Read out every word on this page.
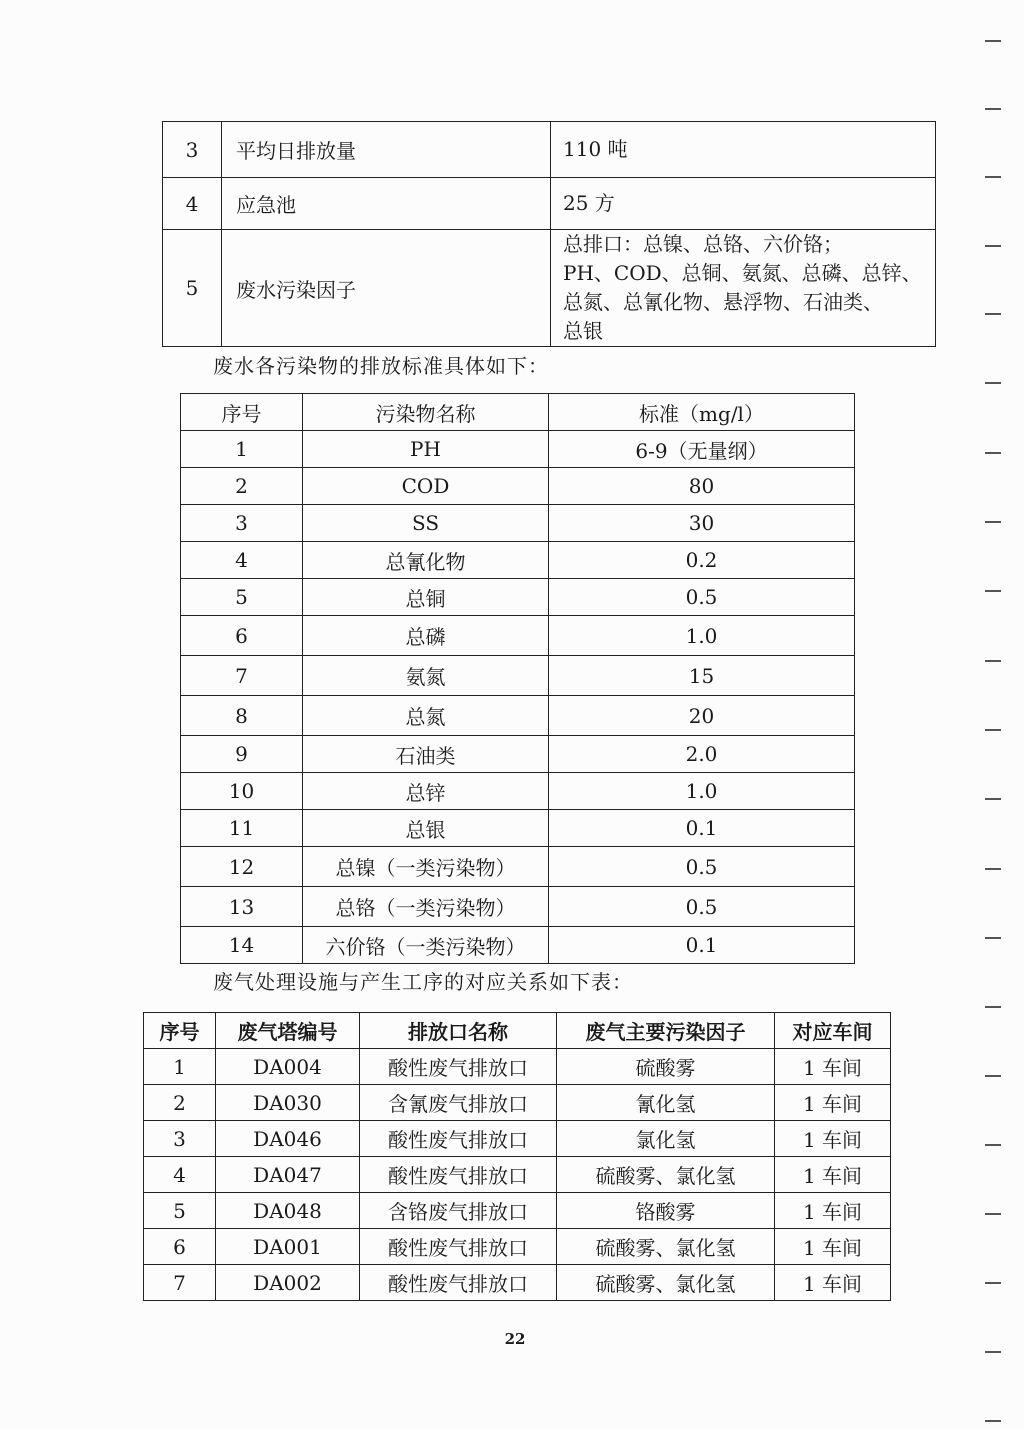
3	平均日排放量	110 吨
4	应急池	25 方
5	废水污染因子	总排口：总镍、总铬、六价铬；
PH、COD、总铜、氨氮、总磷、总锌、
总氮、总氰化物、悬浮物、石油类、
总银
废水各污染物的排放标准具体如下：
序号	污染物名称	标准（mg/l）
1	PH	6-9（无量纲）
2	COD	80
3	SS	30
4	总氰化物	0.2
5	总铜	0.5
6	总磷	1.0
7	氨氮	15
8	总氮	20
9	石油类	2.0
10	总锌	1.0
11	总银	0.1
12	总镍（一类污染物）	0.5
13	总铬（一类污染物）	0.5
14	六价铬（一类污染物）	0.1
废气处理设施与产生工序的对应关系如下表：
序号	废气塔编号	排放口名称	废气主要污染因子	对应车间
1	DA004	酸性废气排放口	硫酸雾	1 车间
2	DA030	含氰废气排放口	氰化氢	1 车间
3	DA046	酸性废气排放口	氯化氢	1 车间
4	DA047	酸性废气排放口	硫酸雾、氯化氢	1 车间
5	DA048	含铬废气排放口	铬酸雾	1 车间
6	DA001	酸性废气排放口	硫酸雾、氯化氢	1 车间
7	DA002	酸性废气排放口	硫酸雾、氯化氢	1 车间
22
